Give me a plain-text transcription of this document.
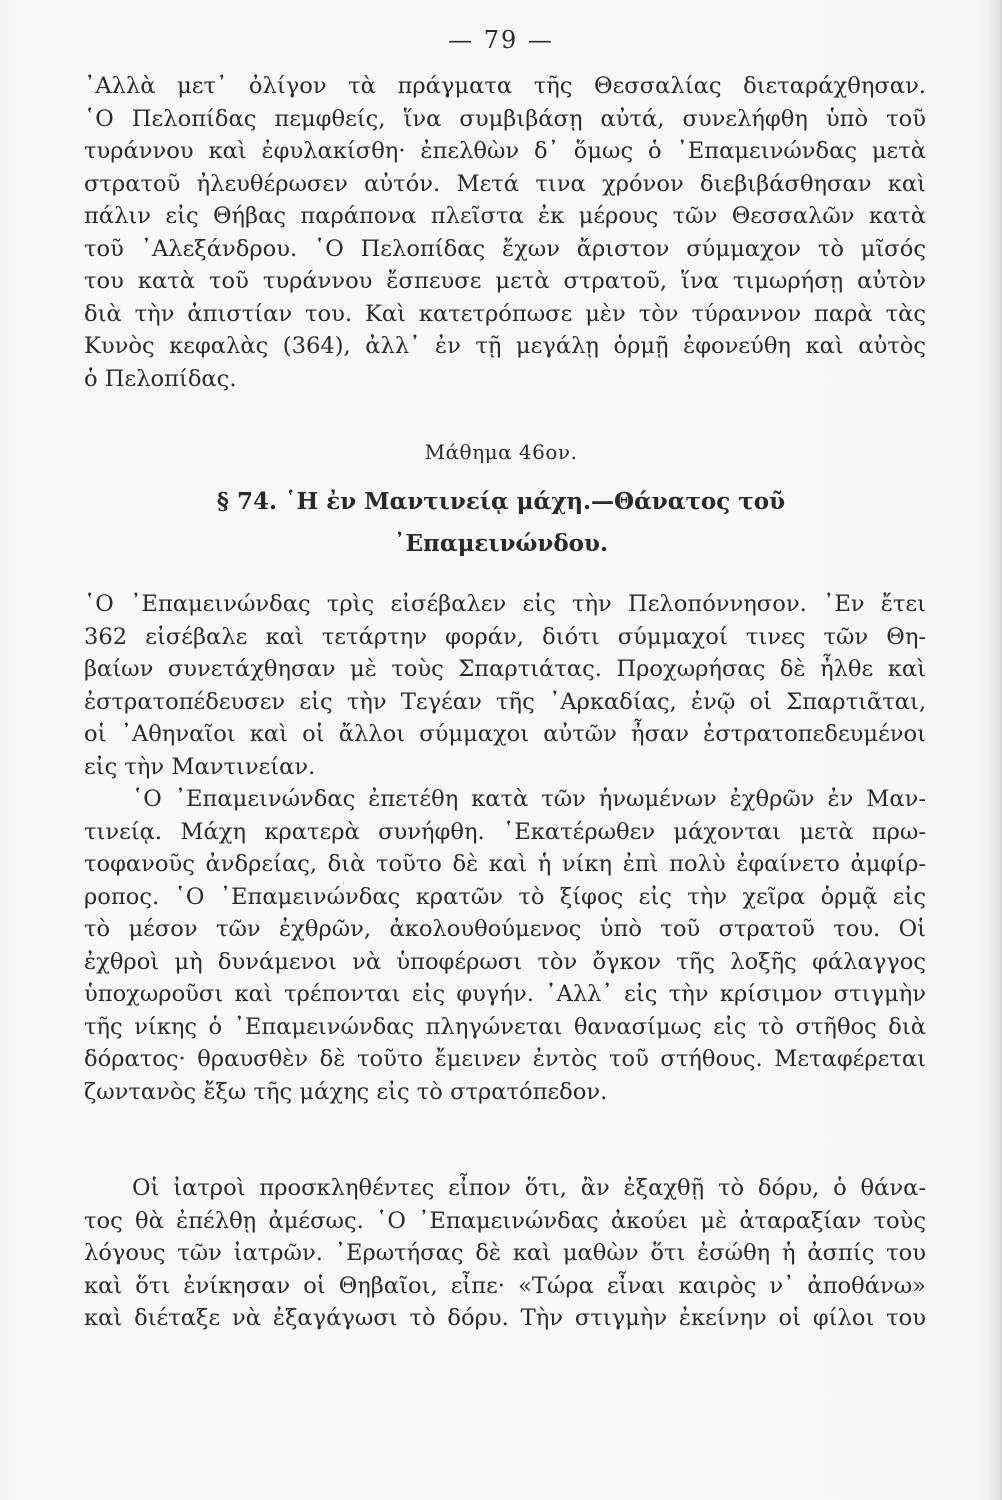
— 79 —
᾿Αλλὰ μετ᾿ ὀλίγον τὰ πράγματα τῆς Θεσσαλίας διεταράχθησαν.
῾Ο Πελοπίδας πεμφθείς, ἵνα συμβιβάσῃ αὐτά, συνελήφθη ὑπὸ τοῦ
τυράννου καὶ ἐφυλακίσθη· ἐπελθὼν δ᾿ ὅμως ὁ ᾿Επαμεινώνδας μετὰ
στρατοῦ ἠλευθέρωσεν αὐτόν. Μετά τινα χρόνον διεβιβάσθησαν καὶ
πάλιν εἰς Θήβας παράπονα πλεῖστα ἐκ μέρους τῶν Θεσσαλῶν κατὰ
τοῦ ᾿Αλεξάνδρου. ῾Ο Πελοπίδας ἔχων ἄριστον σύμμαχον τὸ μῖσός
του κατὰ τοῦ τυράννου ἔσπευσε μετὰ στρατοῦ, ἵνα τιμωρήσῃ αὐτὸν
διὰ τὴν ἀπιστίαν του. Καὶ κατετρόπωσε μὲν τὸν τύραννον παρὰ τὰς
Κυνὸς κεφαλὰς (364), ἀλλ᾿ ἐν τῇ μεγάλῃ ὁρμῇ ἐφονεύθη καὶ αὐτὸς
ὁ Πελοπίδας.
Μάθημα 46ον.
§ 74. ῾Η ἐν Μαντινείᾳ μάχη.—Θάνατος τοῦ
᾿Επαμεινώνδου.
῾Ο ᾿Επαμεινώνδας τρὶς εἰσέβαλεν εἰς τὴν Πελοπόννησον. ᾿Εν ἔτει
362 εἰσέβαλε καὶ τετάρτην φοράν, διότι σύμμαχοί τινες τῶν Θη-
βαίων συνετάχθησαν μὲ τοὺς Σπαρτιάτας. Προχωρήσας δὲ ἦλθε καὶ
ἐστρατοπέδευσεν εἰς τὴν Τεγέαν τῆς ᾿Αρκαδίας, ἐνῷ οἱ Σπαρτιᾶται,
οἱ ᾿Αθηναῖοι καὶ οἱ ἄλλοι σύμμαχοι αὐτῶν ἦσαν ἐστρατοπεδευμένοι
εἰς τὴν Μαντινείαν.
῾Ο ᾿Επαμεινώνδας ἐπετέθη κατὰ τῶν ἡνωμένων ἐχθρῶν ἐν Μαν-
τινείᾳ. Μάχη κρατερὰ συνήφθη. ῾Εκατέρωθεν μάχονται μετὰ πρω-
τοφανοῦς ἀνδρείας, διὰ τοῦτο δὲ καὶ ἡ νίκη ἐπὶ πολὺ ἐφαίνετο ἀμφίρ-
ροπος. ῾Ο ᾿Επαμεινώνδας κρατῶν τὸ ξίφος εἰς τὴν χεῖρα ὁρμᾷ εἰς
τὸ μέσον τῶν ἐχθρῶν, ἀκολουθούμενος ὑπὸ τοῦ στρατοῦ του. Οἱ
ἐχθροὶ μὴ δυνάμενοι νὰ ὑποφέρωσι τὸν ὄγκον τῆς λοξῆς φάλαγγος
ὑποχωροῦσι καὶ τρέπονται εἰς φυγήν. ᾿Αλλ᾿ εἰς τὴν κρίσιμον στιγμὴν
τῆς νίκης ὁ ᾿Επαμεινώνδας πληγώνεται θανασίμως εἰς τὸ στῆθος διὰ
δόρατος· θραυσθὲν δὲ τοῦτο ἔμεινεν ἐντὸς τοῦ στήθους. Μεταφέρεται
ζωντανὸς ἔξω τῆς μάχης εἰς τὸ στρατόπεδον.
Οἱ ἰατροὶ προσκληθέντες εἶπον ὅτι, ἂν ἐξαχθῇ τὸ δόρυ, ὁ θάνα-
τος θὰ ἐπέλθῃ ἀμέσως. ῾Ο ᾿Επαμεινώνδας ἀκούει μὲ ἀταραξίαν τοὺς
λόγους τῶν ἰατρῶν. ᾿Ερωτήσας δὲ καὶ μαθὼν ὅτι ἐσώθη ἡ ἀσπίς του
καὶ ὅτι ἐνίκησαν οἱ Θηβαῖοι, εἶπε· «Τώρα εἶναι καιρὸς ν᾿ ἀποθάνω»
καὶ διέταξε νὰ ἐξαγάγωσι τὸ δόρυ. Τὴν στιγμὴν ἐκείνην οἱ φίλοι του
